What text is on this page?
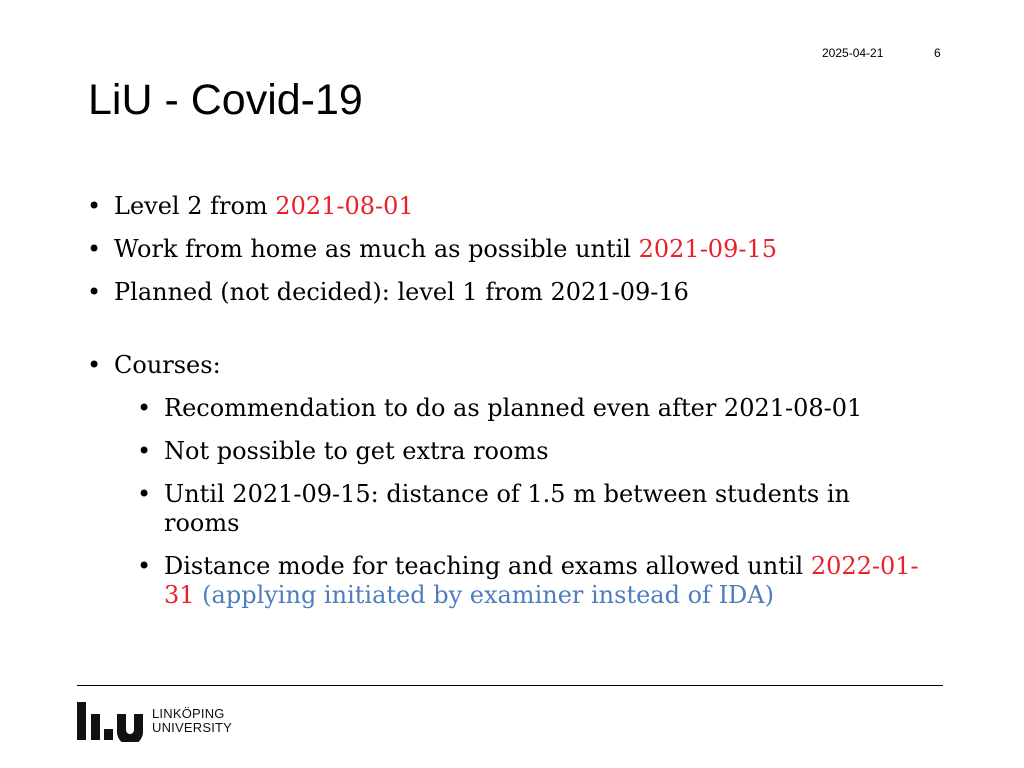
2025-04-21	6
LiU - Covid-19
• Level 2 from 2021-08-01
• Work from home as much as possible until 2021-09-15
• Planned (not decided): level 1 from 2021-09-16
• Courses:
• Recommendation to do as planned even after 2021-08-01
• Not possible to get extra rooms
• Until 2021-09-15: distance of 1.5 m between students in rooms
• Distance mode for teaching and exams allowed until 2022-01-31 (applying initiated by examiner instead of IDA)
LINKÖPING
UNIVERSITY
